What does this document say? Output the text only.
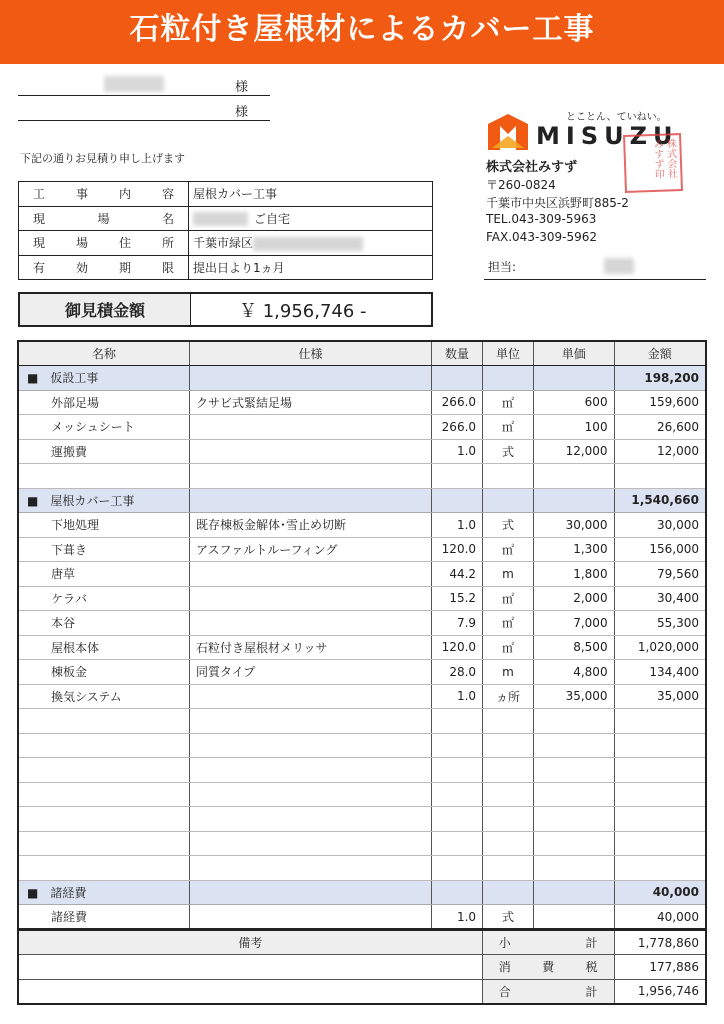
石粒付き屋根材によるカバー工事
様
様
下記の通りお見積り申し上げます
工 事 内 容	屋根カバー工事

現 場 名	ご自宅

現 場 住 所	千葉市緑区

有 効 期 限	提出日より1ヵ月
御見積金額	￥ 1,956,746 -
とことん、ていねい。
MISUZU
株式会社みすず
〒260-0824
千葉市中央区浜野町885-2
TEL.043-309-5963
FAX.043-309-5962
株式会社みすず印
担当:
名称	仕様	数量	単位	単価	金額
■　仮設工事					198,200
外部足場	クサビ式緊結足場	266.0	㎡	600	159,600
メッシュシート		266.0	㎡	100	26,600
運搬費		1.0	式	12,000	12,000

■　屋根カバー工事					1,540,660
下地処理	既存棟板金解体･雪止め切断	1.0	式	30,000	30,000
下葺き	アスファルトルーフィング	120.0	㎡	1,300	156,000
唐草		44.2	m	1,800	79,560
ケラバ		15.2	㎡	2,000	30,400
本谷		7.9	㎡	7,000	55,300
屋根本体	石粒付き屋根材メリッサ	120.0	㎡	8,500	1,020,000
棟板金	同質タイプ	28.0	m	4,800	134,400
換気システム		1.0	ヵ所	35,000	35,000

■　諸経費					40,000
諸経費		1.0	式		40,000
備考	小 計	1,778,860

	消 費 税	177,886

	合 計	1,956,746
